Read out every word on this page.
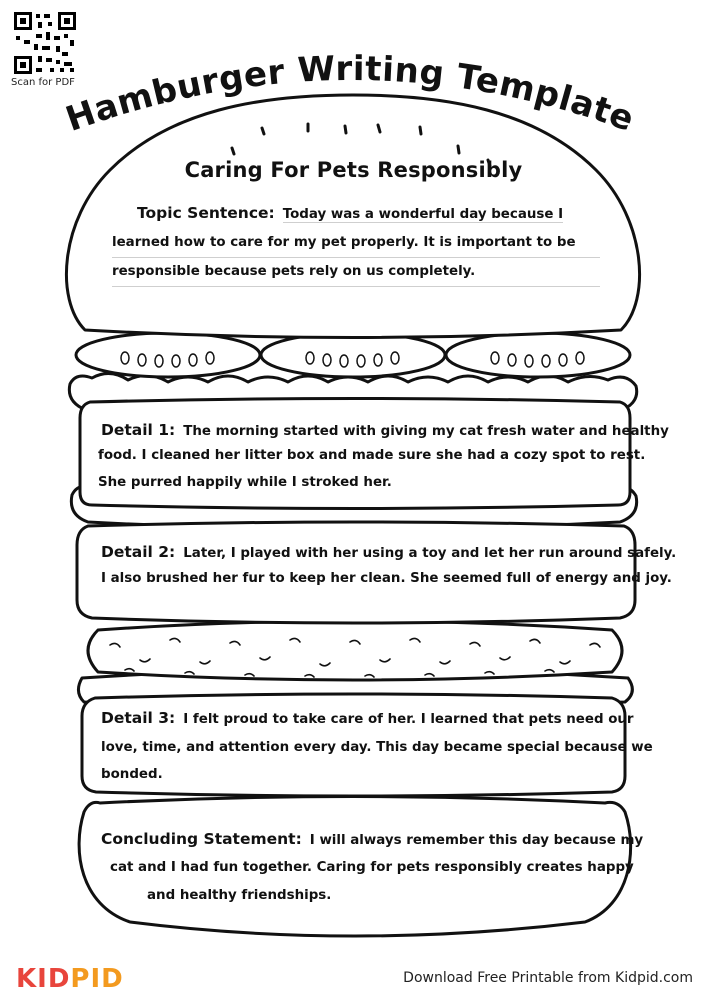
Scan for PDF
Hamburger Writing Template
Caring For Pets Responsibly
Topic Sentence: Today was a wonderful day because I
learned how to care for my pet properly. It is important to be
responsible because pets rely on us completely.
Detail 1: The morning started with giving my cat fresh water and healthy
food. I cleaned her litter box and made sure she had a cozy spot to rest.
She purred happily while I stroked her.
Detail 2: Later, I played with her using a toy and let her run around safely.
I also brushed her fur to keep her clean. She seemed full of energy and joy.
Detail 3: I felt proud to take care of her. I learned that pets need our
love, time, and attention every day. This day became special because we
bonded.
Concluding Statement: I will always remember this day because my
cat and I had fun together. Caring for pets responsibly creates happy
and healthy friendships.
KIDPID	Download Free Printable from Kidpid.com
